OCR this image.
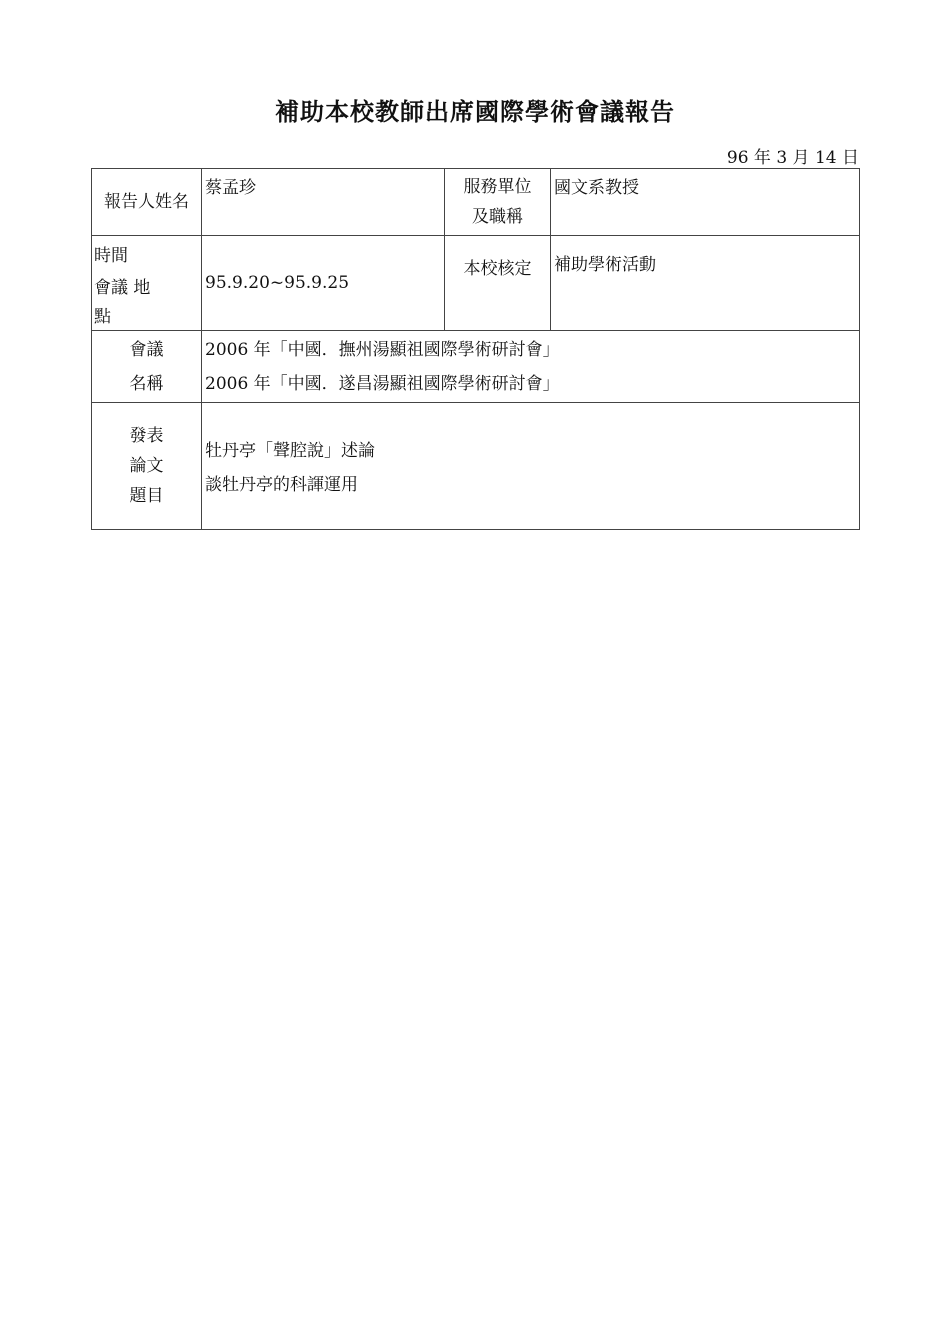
補助本校教師出席國際學術會議報告
96 年 3 月 14 日
報告人姓名	蔡孟珍	服務單位
及職稱	國文系教授

時間
會議 地
點	95.9.20~95.9.25	本校核定	補助學術活動

會議
名稱	2006 年「中國．撫州湯顯祖國際學術研討會」
2006 年「中國．遂昌湯顯祖國際學術研討會」		

發表
論文
題目	牡丹亭「聲腔說」述論
談牡丹亭的科諢運用		
